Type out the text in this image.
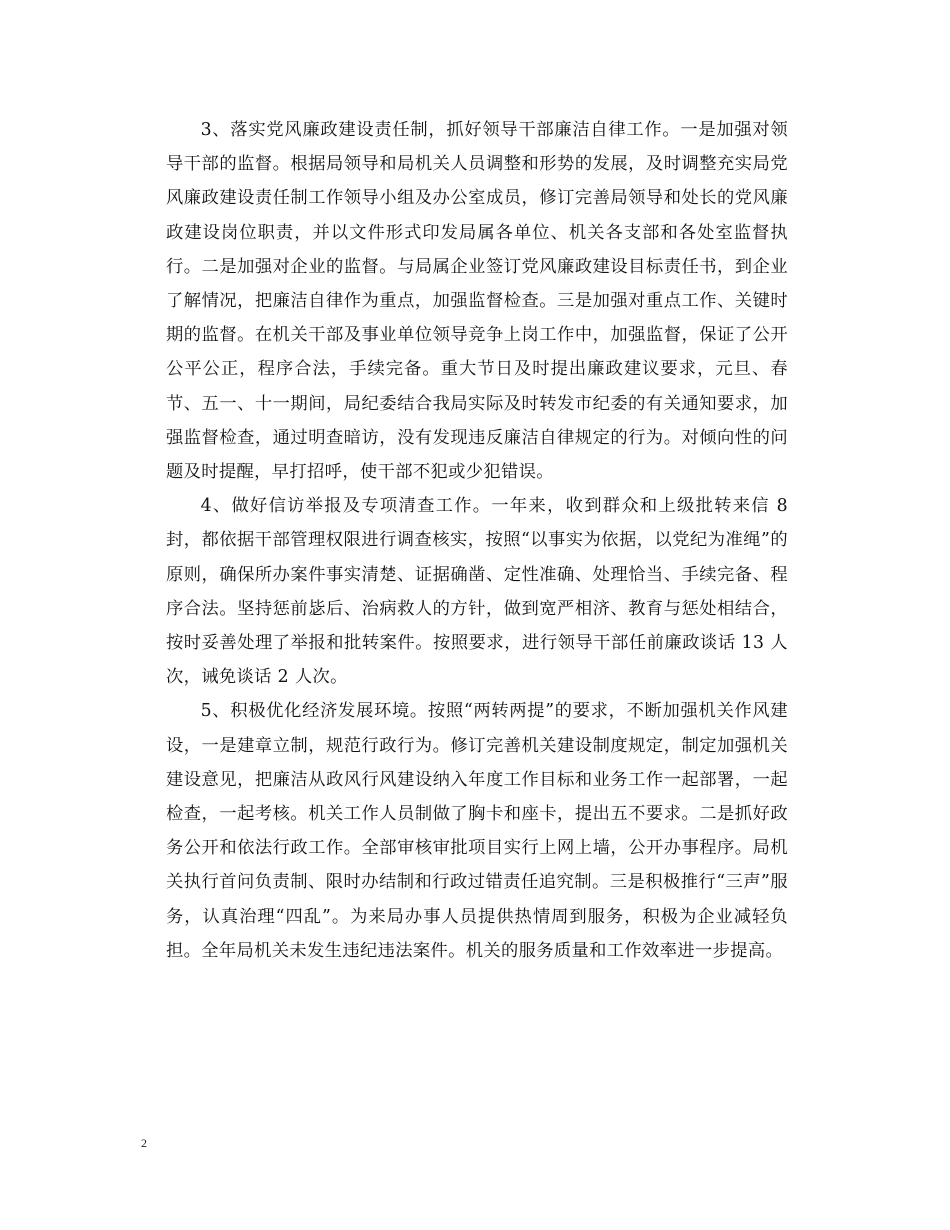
3、落实党风廉政建设责任制，抓好领导干部廉洁自律工作。一是加强对领导干部的监督。根据局领导和局机关人员调整和形势的发展，及时调整充实局党风廉政建设责任制工作领导小组及办公室成员，修订完善局领导和处长的党风廉政建设岗位职责，并以文件形式印发局属各单位、机关各支部和各处室监督执行。二是加强对企业的监督。与局属企业签订党风廉政建设目标责任书，到企业了解情况，把廉洁自律作为重点，加强监督检查。三是加强对重点工作、关键时期的监督。在机关干部及事业单位领导竞争上岗工作中，加强监督，保证了公开公平公正，程序合法，手续完备。重大节日及时提出廉政建议要求，元旦、春节、五一、十一期间，局纪委结合我局实际及时转发市纪委的有关通知要求，加强监督检查，通过明查暗访，没有发现违反廉洁自律规定的行为。对倾向性的问题及时提醒，早打招呼，使干部不犯或少犯错误。

4、做好信访举报及专项清查工作。一年来，收到群众和上级批转来信 8 封，都依据干部管理权限进行调查核实，按照“以事实为依据，以党纪为准绳”的原则，确保所办案件事实清楚、证据确凿、定性准确、处理恰当、手续完备、程序合法。坚持惩前毖后、治病救人的方针，做到宽严相济、教育与惩处相结合，按时妥善处理了举报和批转案件。按照要求，进行领导干部任前廉政谈话 13 人次，诫免谈话 2 人次。

5、积极优化经济发展环境。按照“两转两提”的要求，不断加强机关作风建设，一是建章立制，规范行政行为。修订完善机关建设制度规定，制定加强机关建设意见，把廉洁从政风行风建设纳入年度工作目标和业务工作一起部署，一起检查，一起考核。机关工作人员制做了胸卡和座卡，提出五不要求。二是抓好政务公开和依法行政工作。全部审核审批项目实行上网上墙，公开办事程序。局机关执行首问负责制、限时办结制和行政过错责任追究制。三是积极推行“三声”服务，认真治理“四乱”。为来局办事人员提供热情周到服务，积极为企业减轻负担。全年局机关未发生违纪违法案件。机关的服务质量和工作效率进一步提高。

2
